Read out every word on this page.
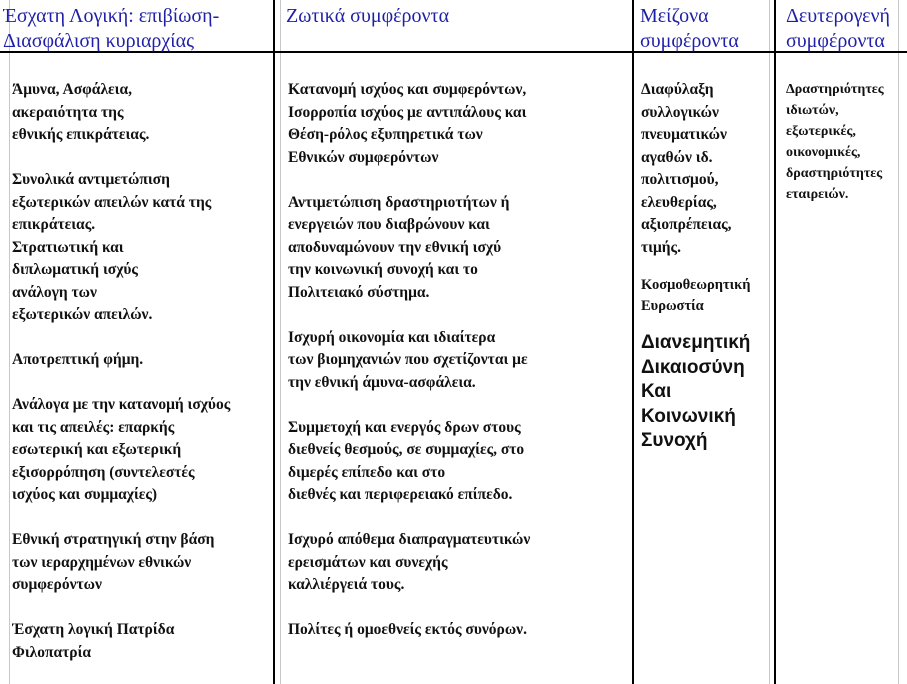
Έσχατη Λογική: επιβίωση-
Διασφάλιση κυριαρχίας
Ζωτικά συμφέροντα	Μείζονα
συμφέροντα
Δευτερογενή
συμφέροντα

Άμυνα, Ασφάλεια,

ακεραιότητα της

εθνικής επικράτειας.

Συνολικά αντιμετώπιση

εξωτερικών απειλών κατά της

επικράτειας.

Στρατιωτική και

διπλωματική ισχύς

ανάλογη των

εξωτερικών απειλών.

Αποτρεπτική φήμη.

Ανάλογα με την κατανομή ισχύος

και τις απειλές: επαρκής

εσωτερική και εξωτερική

εξισορρόπηση (συντελεστές

ισχύος και συμμαχίες)

Εθνική στρατηγική στην βάση

των ιεραρχημένων εθνικών

συμφερόντων

Έσχατη λογική Πατρίδα

Φιλοπατρία

Κατανομή ισχύος και συμφερόντων,

Ισορροπία ισχύος με αντιπάλους και

Θέση-ρόλος εξυπηρετικά των

Εθνικών συμφερόντων

Αντιμετώπιση δραστηριοτήτων ή

ενεργειών που διαβρώνουν και

αποδυναμώνουν την εθνική ισχύ

την κοινωνική συνοχή και το

Πολιτειακό σύστημα.

Ισχυρή οικονομία και ιδιαίτερα

των βιομηχανιών που σχετίζονται με

την εθνική άμυνα-ασφάλεια.

Συμμετοχή και ενεργός δρων στους

διεθνείς θεσμούς, σε συμμαχίες, στο

διμερές επίπεδο και στο

διεθνές και περιφερειακό επίπεδο.

Ισχυρό απόθεμα διαπραγματευτικών

ερεισμάτων και συνεχής

καλλιέργειά τους.

Πολίτες ή ομοεθνείς εκτός συνόρων.

Διαφύλαξη

συλλογικών

πνευματικών

αγαθών ιδ.

πολιτισμού,

ελευθερίας,

αξιοπρέπειας,

τιμής.

Κοσμοθεωρητική

Ευρωστία

Διανεμητική

Δικαιοσύνη

Και

Κοινωνική

Συνοχή

Δραστηριότητες

ιδιωτών,

εξωτερικές,

οικονομικές,

δραστηριότητες

εταιρειών.
